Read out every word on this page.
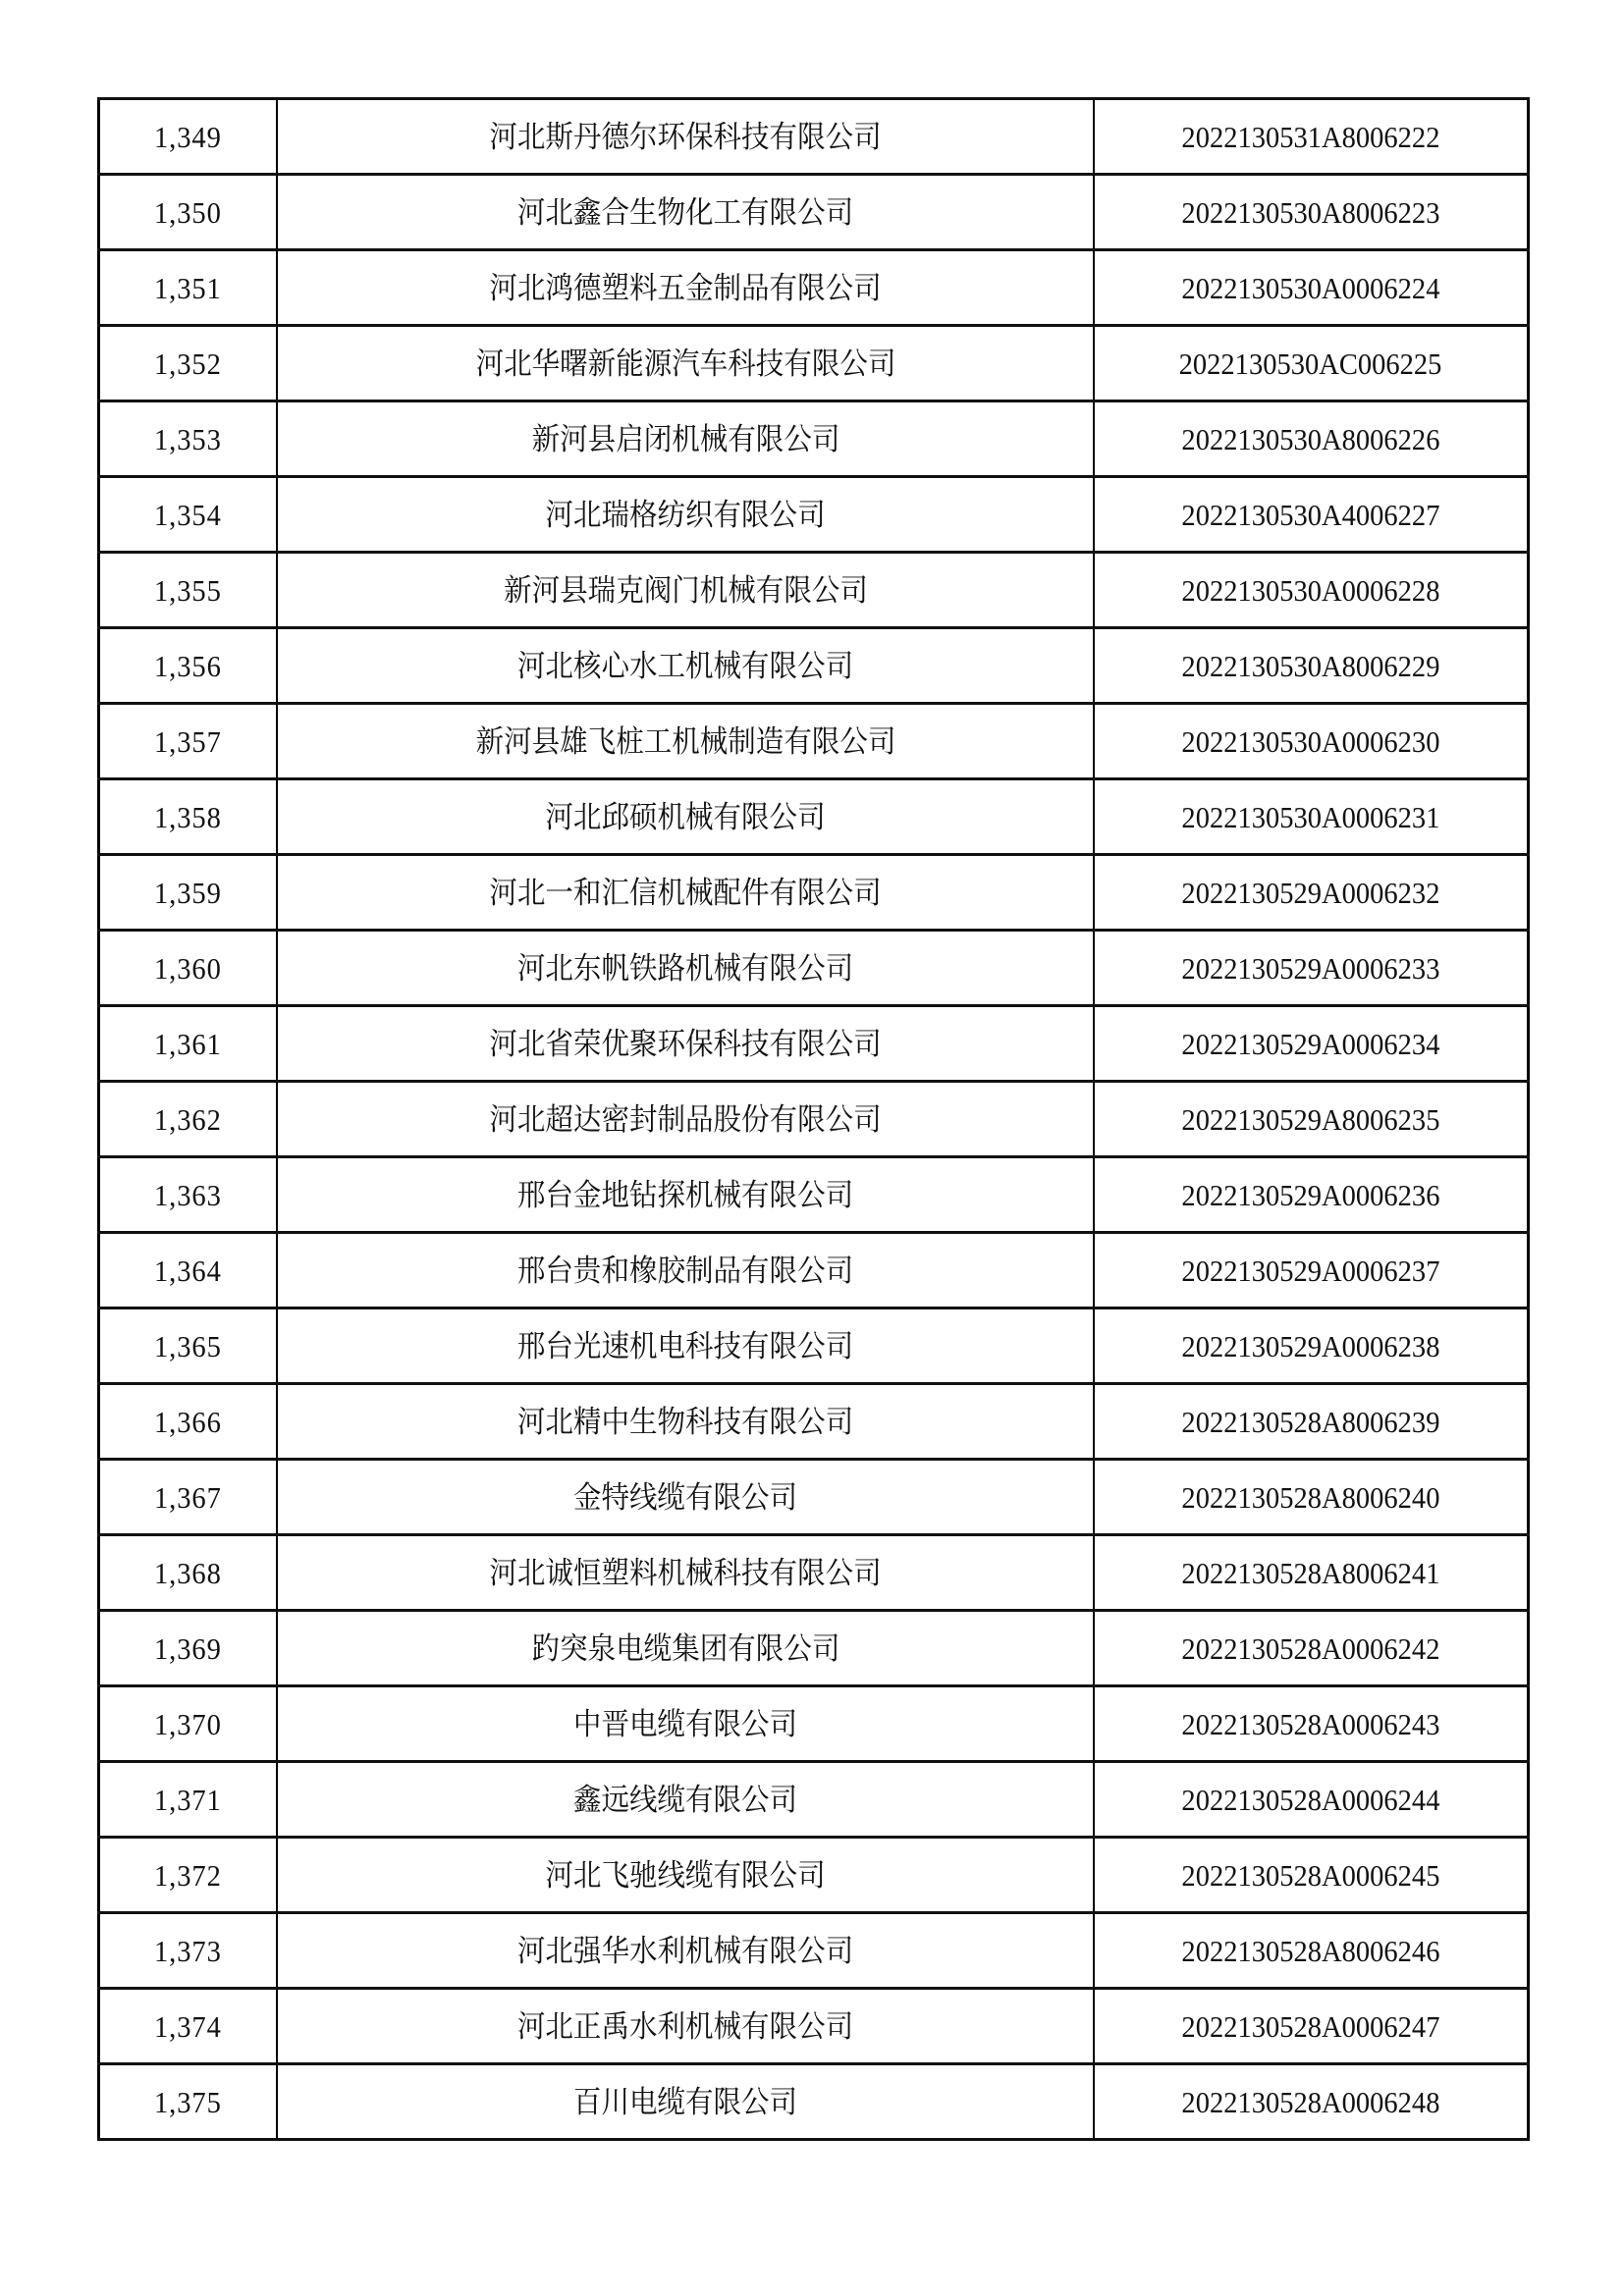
1,349	河北斯丹德尔环保科技有限公司	2022130531A8006222
1,350	河北鑫合生物化工有限公司	2022130530A8006223
1,351	河北鸿德塑料五金制品有限公司	2022130530A0006224
1,352	河北华曙新能源汽车科技有限公司	2022130530AC006225
1,353	新河县启闭机械有限公司	2022130530A8006226
1,354	河北瑞格纺织有限公司	2022130530A4006227
1,355	新河县瑞克阀门机械有限公司	2022130530A0006228
1,356	河北核心水工机械有限公司	2022130530A8006229
1,357	新河县雄飞桩工机械制造有限公司	2022130530A0006230
1,358	河北邱硕机械有限公司	2022130530A0006231
1,359	河北一和汇信机械配件有限公司	2022130529A0006232
1,360	河北东帆铁路机械有限公司	2022130529A0006233
1,361	河北省荣优聚环保科技有限公司	2022130529A0006234
1,362	河北超达密封制品股份有限公司	2022130529A8006235
1,363	邢台金地钻探机械有限公司	2022130529A0006236
1,364	邢台贵和橡胶制品有限公司	2022130529A0006237
1,365	邢台光速机电科技有限公司	2022130529A0006238
1,366	河北精中生物科技有限公司	2022130528A8006239
1,367	金特线缆有限公司	2022130528A8006240
1,368	河北诚恒塑料机械科技有限公司	2022130528A8006241
1,369	趵突泉电缆集团有限公司	2022130528A0006242
1,370	中晋电缆有限公司	2022130528A0006243
1,371	鑫远线缆有限公司	2022130528A0006244
1,372	河北飞驰线缆有限公司	2022130528A0006245
1,373	河北强华水利机械有限公司	2022130528A8006246
1,374	河北正禹水利机械有限公司	2022130528A0006247
1,375	百川电缆有限公司	2022130528A0006248
